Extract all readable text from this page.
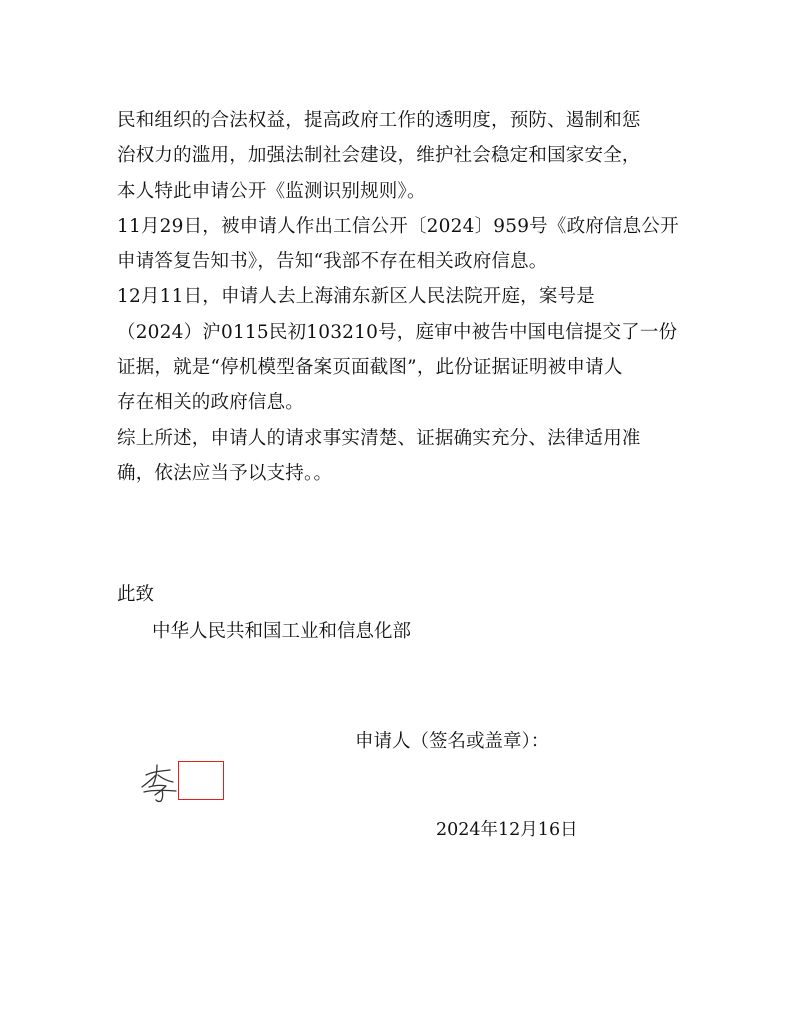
民和组织的合法权益，提高政府工作的透明度，预防、遏制和惩
治权力的滥用，加强法制社会建设，维护社会稳定和国家安全，
本人特此申请公开《监测识别规则》。
11月29日，被申请人作出工信公开〔2024〕959号《政府信息公开
申请答复告知书》，告知“我部不存在相关政府信息。
12月11日，申请人去上海浦东新区人民法院开庭，案号是
（2024）沪0115民初103210号，庭审中被告中国电信提交了一份
证据，就是“停机模型备案页面截图”，此份证据证明被申请人
存在相关的政府信息。
综上所述，申请人的请求事实清楚、证据确实充分、法律适用准
确，依法应当予以支持。。
此致
中华人民共和国工业和信息化部
申请人（签名或盖章）：
2024年12月16日
